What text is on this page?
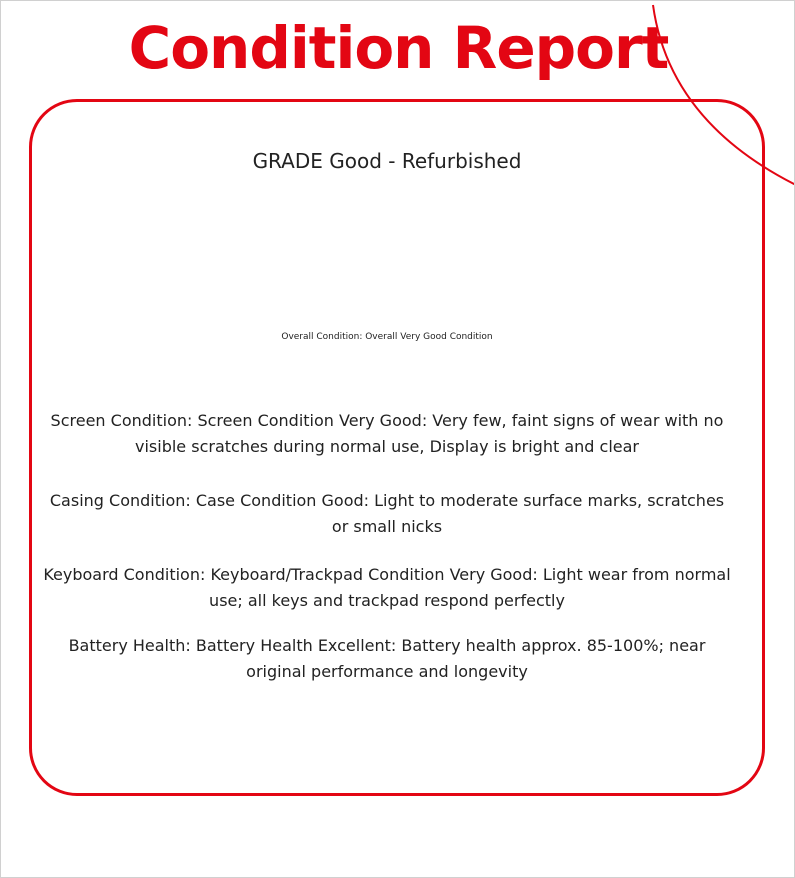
Condition Report
GRADE Good - Refurbished
Overall Condition: Overall Very Good Condition

Screen Condition: Screen Condition Very Good: Very few, faint signs of wear with no visible scratches during normal use, Display is bright and clear

Casing Condition: Case Condition Good: Light to moderate surface marks, scratches or small nicks

Keyboard Condition: Keyboard/Trackpad Condition Very Good: Light wear from normal use; all keys and trackpad respond perfectly

Battery Health: Battery Health Excellent: Battery health approx. 85-100%; near original performance and longevity
